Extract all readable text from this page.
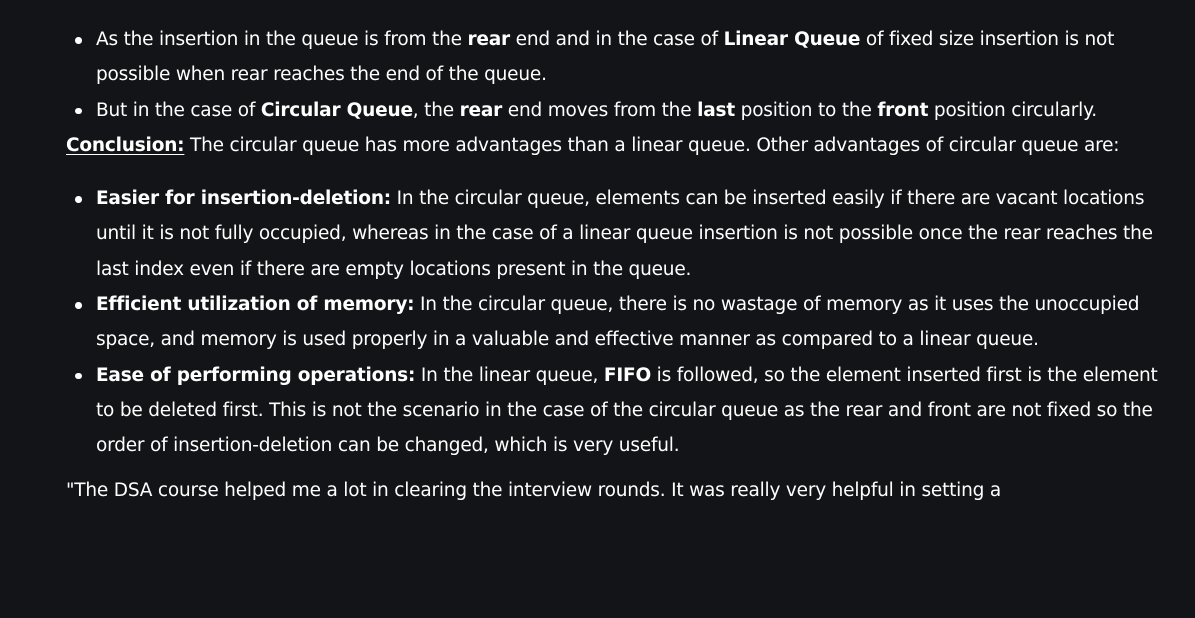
As the insertion in the queue is from the rear end and in the case of Linear Queue of fixed size insertion is not possible when rear reaches the end of the queue.
But in the case of Circular Queue, the rear end moves from the last position to the front position circularly.

Conclusion: The circular queue has more advantages than a linear queue. Other advantages of circular queue are:

Easier for insertion-deletion: In the circular queue, elements can be inserted easily if there are vacant locations until it is not fully occupied, whereas in the case of a linear queue insertion is not possible once the rear reaches the last index even if there are empty locations present in the queue.
Efficient utilization of memory: In the circular queue, there is no wastage of memory as it uses the unoccupied space, and memory is used properly in a valuable and effective manner as compared to a linear queue.
Ease of performing operations: In the linear queue, FIFO is followed, so the element inserted first is the element to be deleted first. This is not the scenario in the case of the circular queue as the rear and front are not fixed so the order of insertion-deletion can be changed, which is very useful.

"The DSA course helped me a lot in clearing the interview rounds. It was really very helpful in setting a
